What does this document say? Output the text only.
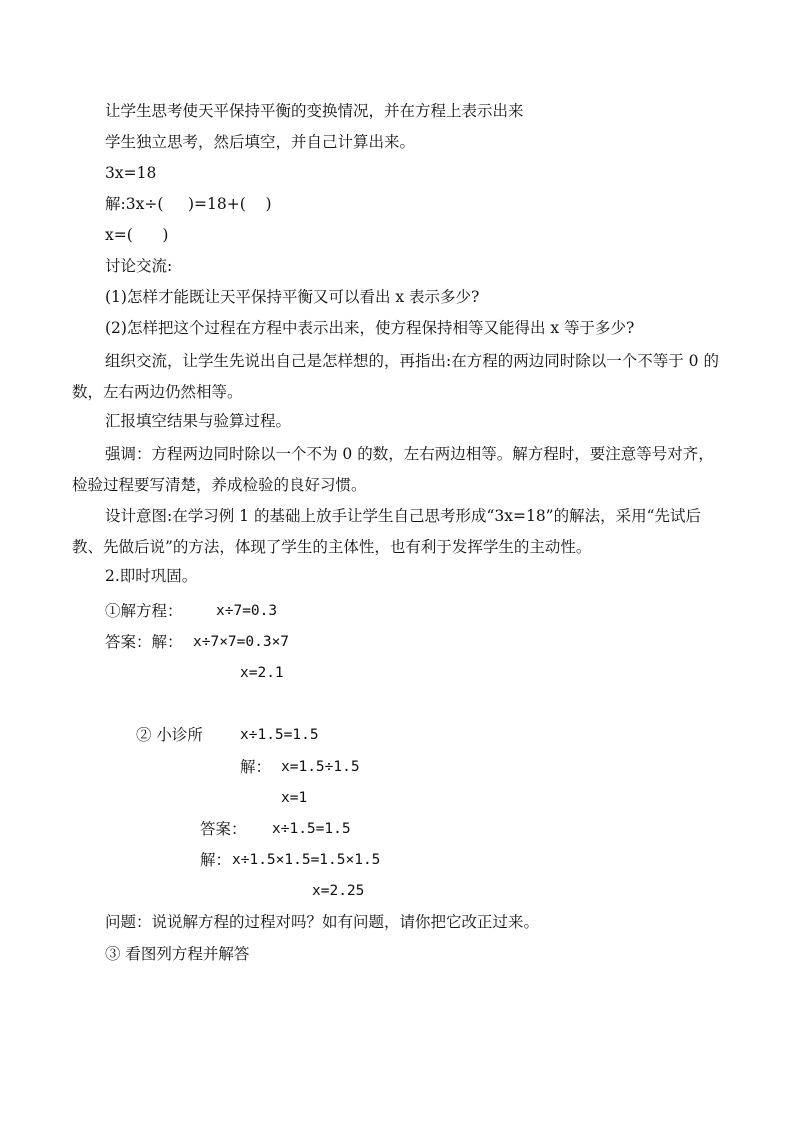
让学生思考使天平保持平衡的变换情况，并在方程上表示出来
学生独立思考，然后填空，并自己计算出来。
3x=18
解:3x÷(     )=18+(    )
x=(      )
讨论交流:
(1)怎样才能既让天平保持平衡又可以看出 x 表示多少?
(2)怎样把这个过程在方程中表示出来，使方程保持相等又能得出 x 等于多少?
组织交流，让学生先说出自己是怎样想的，再指出:在方程的两边同时除以一个不等于 0 的数，左右两边仍然相等。
汇报填空结果与验算过程。
强调：方程两边同时除以一个不为 0 的数，左右两边相等。解方程时，要注意等号对齐，检验过程要写清楚，养成检验的良好习惯。
设计意图:在学习例 1 的基础上放手让学生自己思考形成“3x=18”的解法，采用“先试后教、先做后说”的方法，体现了学生的主体性，也有利于发挥学生的主动性。
2.即时巩固。
①解方程： x÷7=0.3
答案：解： x÷7×7=0.3×7
x=2.1
② 小诊所	x÷1.5=1.5
解： x=1.5÷1.5
x=1
答案： x÷1.5=1.5
解： x÷1.5×1.5=1.5×1.5
x=2.25
问题：说说解方程的过程对吗？如有问题，请你把它改正过来。
③ 看图列方程并解答
